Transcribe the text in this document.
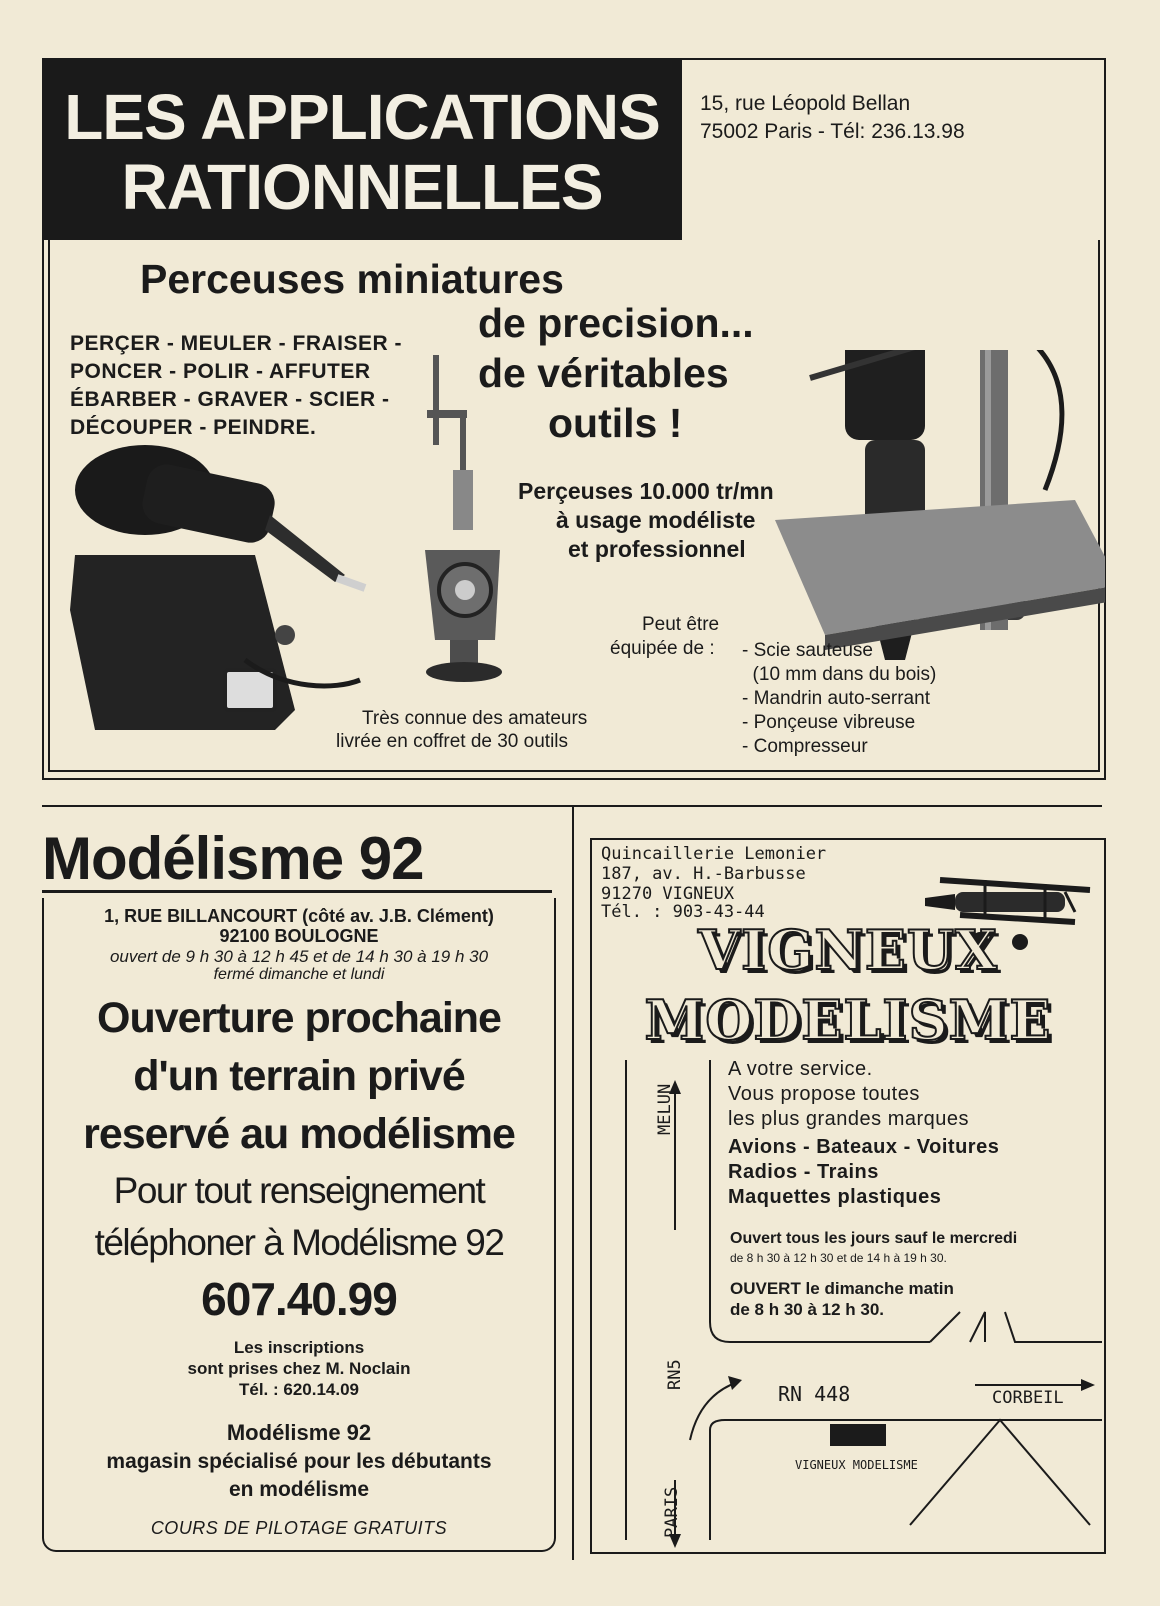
LES APPLICATIONS
RATIONNELLES
15, rue Léopold Bellan
75002 Paris - Tél: 236.13.98
Perceuses miniatures
de precision...
de véritables
outils !
PERÇER - MEULER - FRAISER -
PONCER - POLIR - AFFUTER
ÉBARBER - GRAVER - SCIER -
DÉCOUPER - PEINDRE.
Perçeuses 10.000 tr/mn
à usage modéliste
et professionnel
Peut être
équipée de : - Scie sauteuse
(10 mm dans du bois)
- Mandrin auto-serrant
- Ponçeuse vibreuse
- Compresseur
Très connue des amateurs
livrée en coffret de 30 outils
Modélisme 92
1, RUE BILLANCOURT (côté av. J.B. Clément)
92100 BOULOGNE
ouvert de 9 h 30 à 12 h 45 et de 14 h 30 à 19 h 30
fermé dimanche et lundi
Ouverture prochaine
d'un terrain privé
reservé au modélisme
Pour tout renseignement
téléphoner à Modélisme 92
607.40.99
Les inscriptions
sont prises chez M. Noclain
Tél. : 620.14.09
Modélisme 92
magasin spécialisé pour les débutants
en modélisme
COURS DE PILOTAGE GRATUITS
Quincaillerie Lemonier
187, av. H.-Barbusse
91270 VIGNEUX
Tél. : 903-43-44
VIGNEUX
MODELISME
A votre service.
Vous propose toutes
les plus grandes marques
Avions - Bateaux - Voitures
Radios - Trains
Maquettes plastiques
Ouvert tous les jours sauf le mercredi
de 8 h 30 à 12 h 30 et de 14 h à 19 h 30.
OUVERT le dimanche matin
de 8 h 30 à 12 h 30.
MELUN
RN5
PARIS
RN 448	CORBEIL
VIGNEUX MODELISME
